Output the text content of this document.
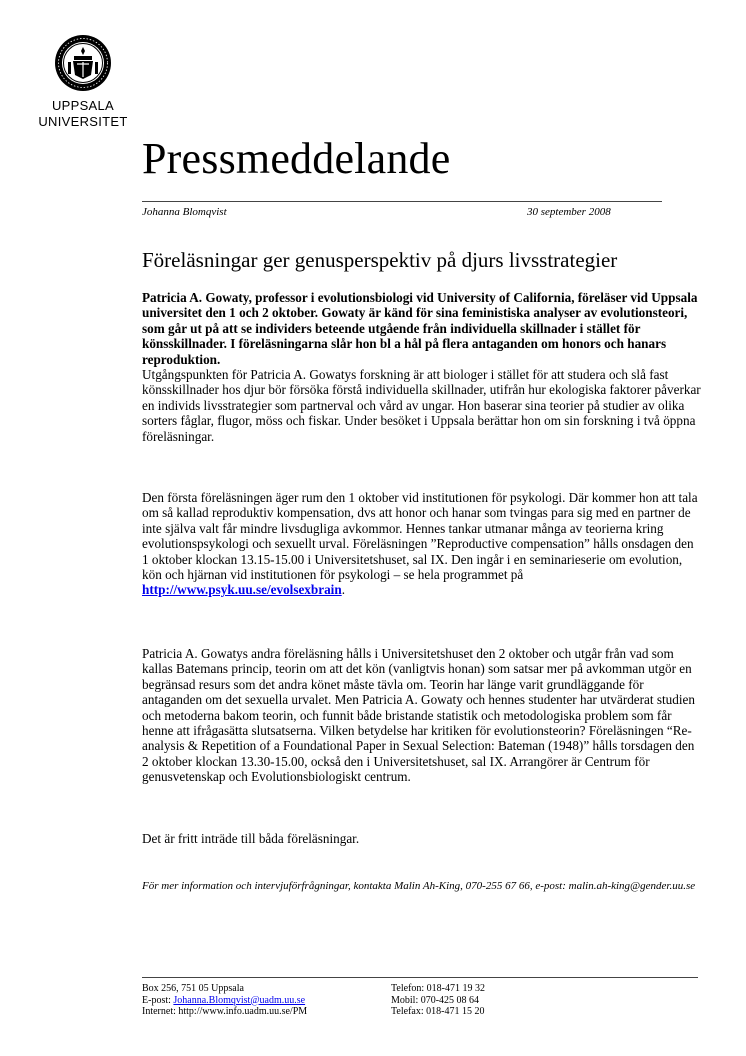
UPPSALA
UNIVERSITET
Pressmeddelande
Johanna Blomqvist	30 september 2008
Föreläsningar ger genusperspektiv på djurs livsstrategier

Patricia A. Gowaty, professor i evolutionsbiologi vid University of California, föreläser vid Uppsala universitet den 1 och 2 oktober. Gowaty är känd för sina feministiska analyser av evolutionsteori, som går ut på att se individers beteende utgående från individuella skillnader i stället för könsskillnader. I föreläsningarna slår hon bl a hål på flera antaganden om honors och hanars reproduktion.

Utgångspunkten för Patricia A. Gowatys forskning är att biologer i stället för att studera och slå fast könsskillnader hos djur bör försöka förstå individuella skillnader, utifrån hur ekologiska faktorer påverkar en individs livsstrategier som partnerval och vård av ungar. Hon baserar sina teorier på studier av olika sorters fåglar, flugor, möss och fiskar. Under besöket i Uppsala berättar hon om sin forskning i två öppna föreläsningar.

Den första föreläsningen äger rum den 1 oktober vid institutionen för psykologi. Där kommer hon att tala om så kallad reproduktiv kompensation, dvs att honor och hanar som tvingas para sig med en partner de inte själva valt får mindre livsdugliga avkommor. Hennes tankar utmanar många av teorierna kring evolutionspsykologi och sexuellt urval. Föreläsningen ”Reproductive compensation” hålls onsdagen den 1 oktober klockan 13.15-15.00 i Universitetshuset, sal IX. Den ingår i en seminarieserie om evolution, kön och hjärnan vid institutionen för psykologi – se hela programmet på http://www.psyk.uu.se/evolsexbrain.

Patricia A. Gowatys andra föreläsning hålls i Universitetshuset den 2 oktober och utgår från vad som kallas Batemans princip, teorin om att det kön (vanligtvis honan) som satsar mer på avkomman utgör en begränsad resurs som det andra könet måste tävla om. Teorin har länge varit grundläggande för antaganden om det sexuella urvalet. Men Patricia A. Gowaty och hennes studenter har utvärderat studien och metoderna bakom teorin, och funnit både bristande statistik och metodologiska problem som får henne att ifrågasätta slutsatserna. Vilken betydelse har kritiken för evolutionsteorin? Föreläsningen “Re-analysis & Repetition of a Foundational Paper in Sexual Selection: Bateman (1948)” hålls torsdagen den 2 oktober klockan 13.30-15.00, också den i Universitetshuset, sal IX. Arrangörer är Centrum för genusvetenskap och Evolutionsbiologiskt centrum.

Det är fritt inträde till båda föreläsningar.

För mer information och intervjuförfrågningar, kontakta Malin Ah-King, 070-255 67 66, e-post: malin.ah-king@gender.uu.se

Box 256, 751 05 Uppsala
E-post: Johanna.Blomqvist@uadm.uu.se
Internet: http://www.info.uadm.uu.se/PM
Telefon: 018-471 19 32
Mobil: 070-425 08 64
Telefax: 018-471 15 20
